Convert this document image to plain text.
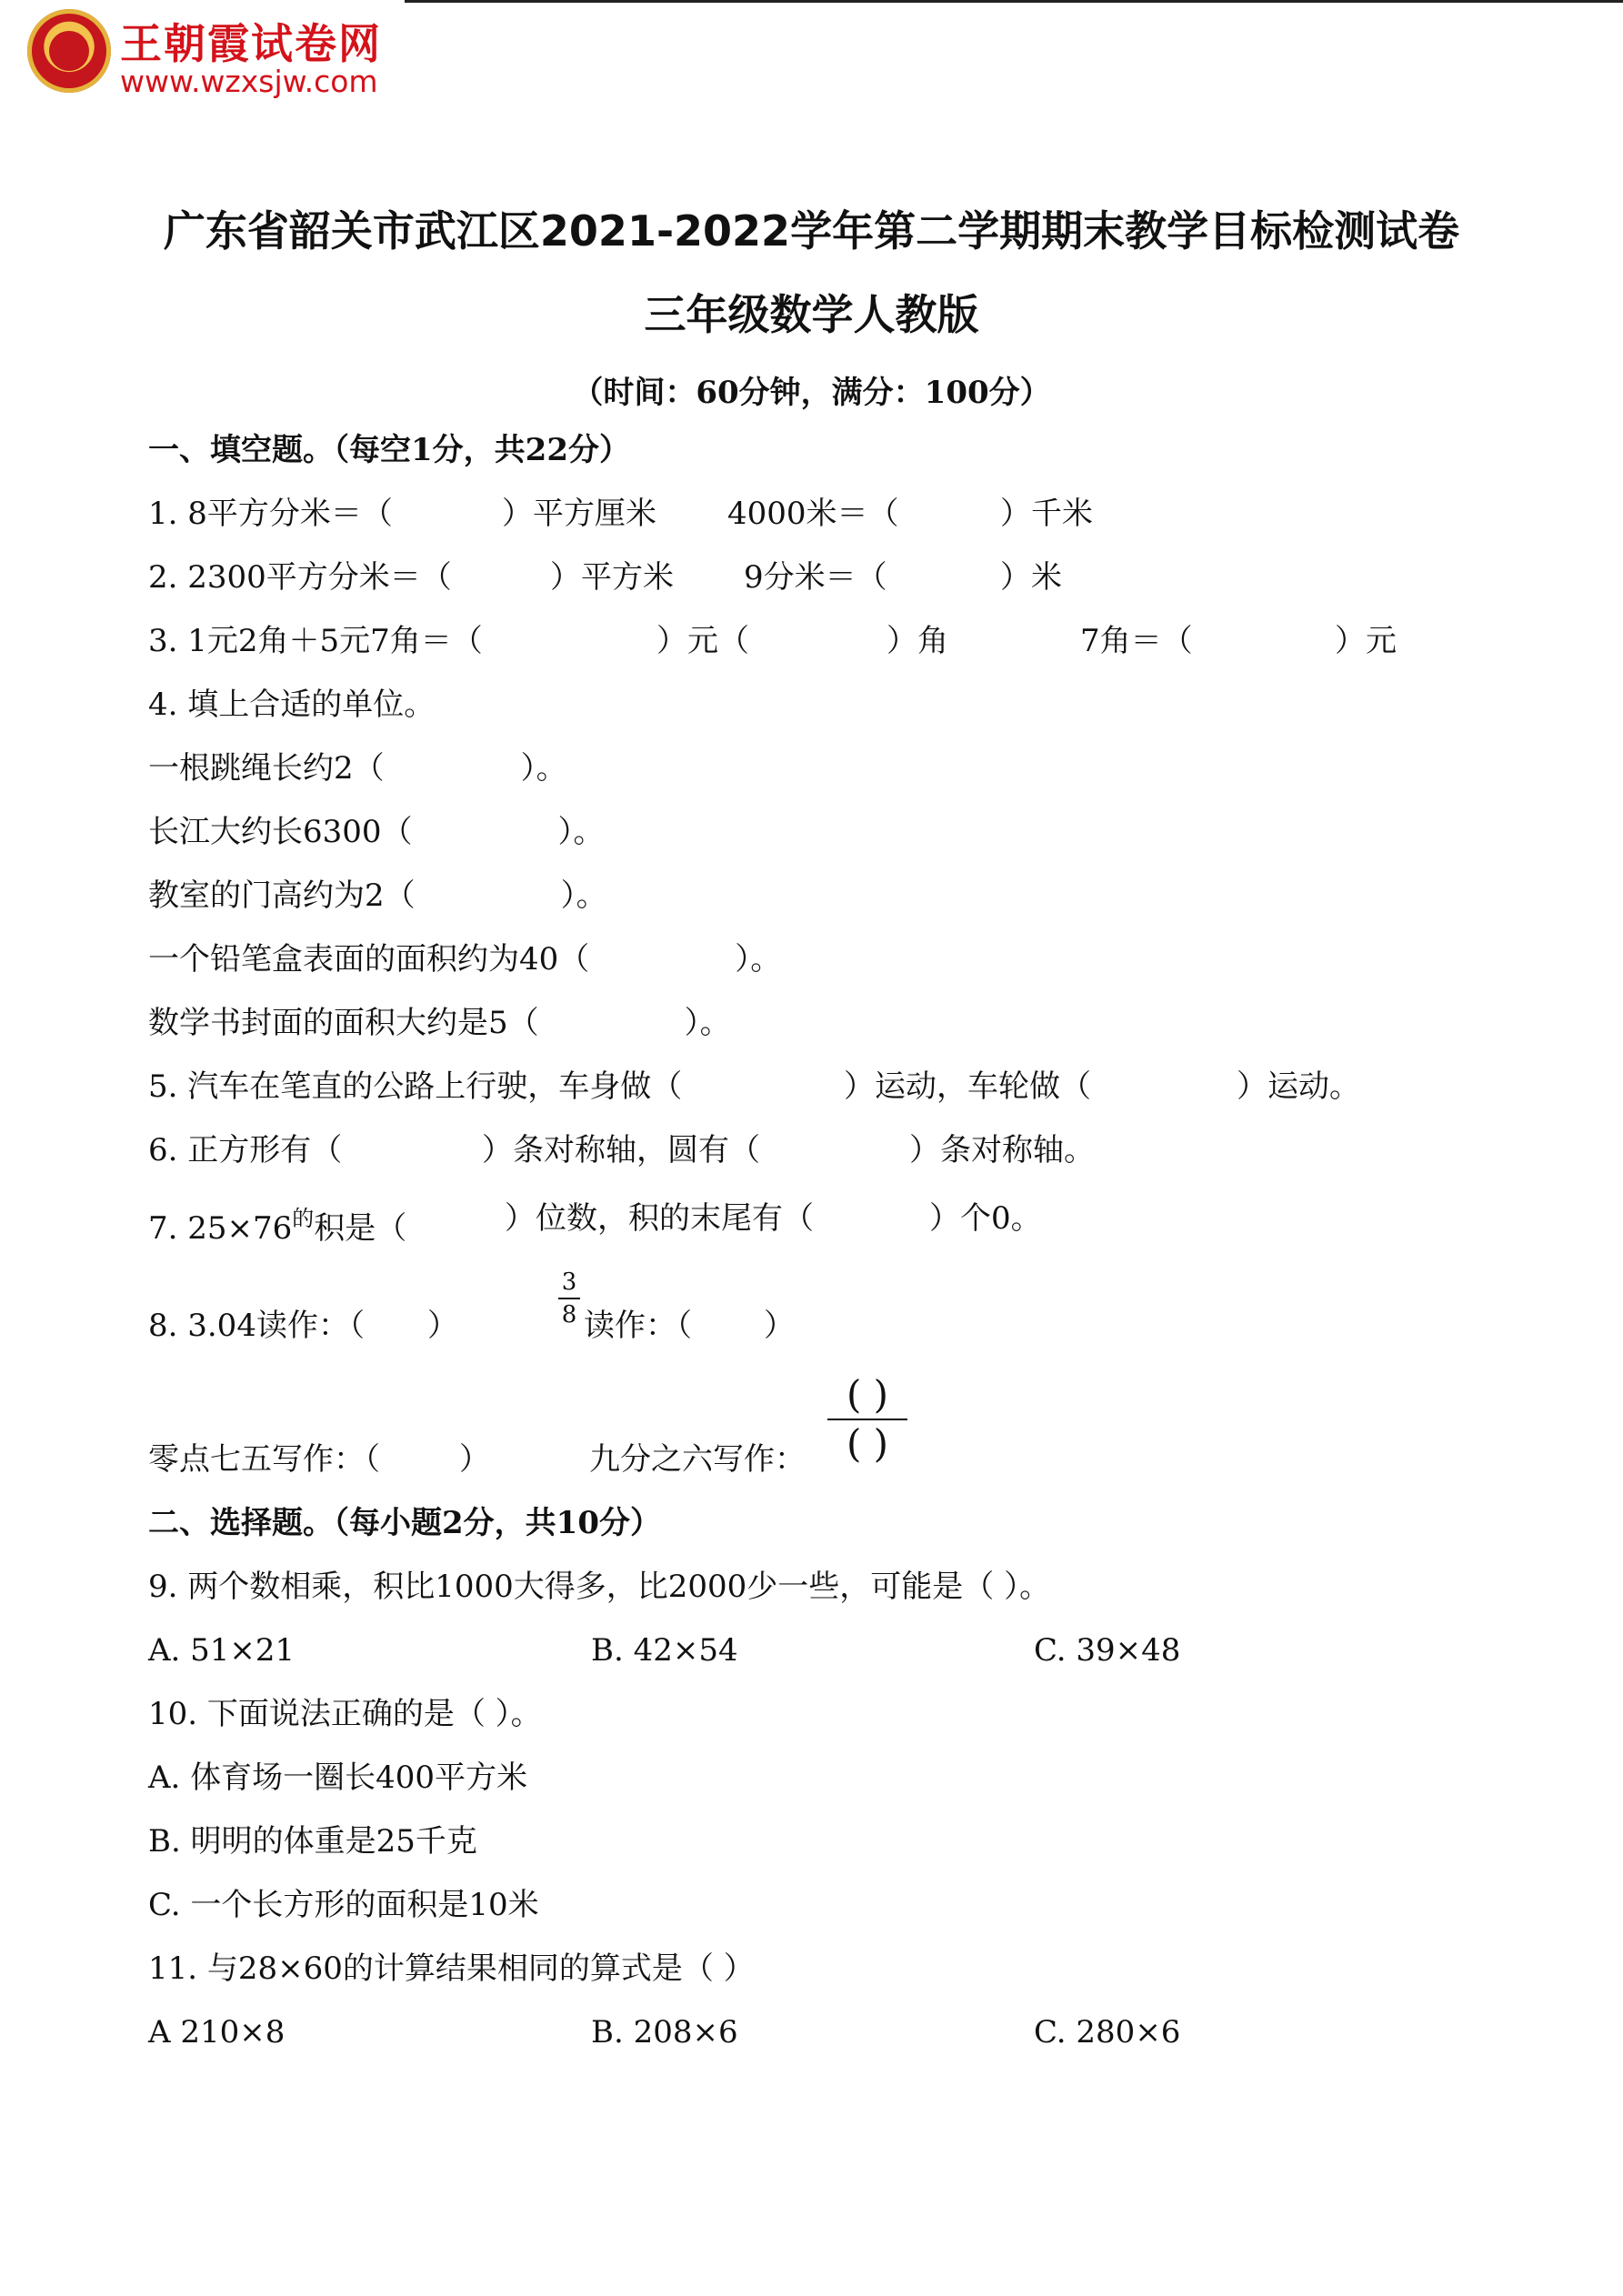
王朝霞试卷网
www.wzxsjw.com
广东省韶关市武江区2021-2022学年第二学期期末教学目标检测试卷
三年级数学人教版
（时间：60分钟，满分：100分）
一、填空题。（每空1分，共22分）
1. 8平方分米＝（	）平方厘米 4000米＝（	）千米
2. 2300平方分米＝（	）平方米 9分米＝（	）米
3. 1元2角＋5元7角＝（	）元（	）角	7角＝（	）元
4. 填上合适的单位。
一根跳绳长约2（	）。
长江大约长6300（	）。
教室的门高约为2（	）。
一个铅笔盒表面的面积约为40（	）。
数学书封面的面积大约是5（	）。
5. 汽车在笔直的公路上行驶，车身做（	）运动，车轮做（	）运动。
6. 正方形有（	）条对称轴，圆有（	）条对称轴。
7. $25\times 76^的$积是（	）位数，积的末尾有（	）个0。
8. 3.04读作：（ ）
3
8 读作：（ ）
零点七五写作：（	）	九分之六写作：
( )
( )
二、选择题。（每小题2分，共10分）
9. 两个数相乘，积比1000大得多，比2000少一些，可能是（ ）。
A. 51×21	B. 42×54	C. 39×48
10. 下面说法正确的是（ ）。
A. 体育场一圈长400平方米
B. 明明的体重是25千克
C. 一个长方形的面积是10米
11. 与28×60的计算结果相同的算式是（ ）
A 210×8	B. 208×6	C. 280×6
